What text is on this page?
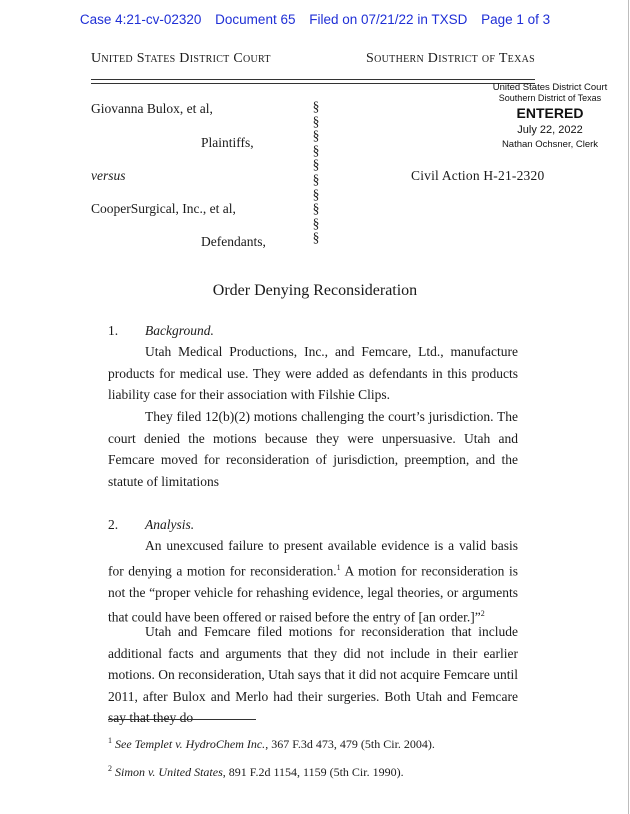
Case 4:21-cv-02320 Document 65 Filed on 07/21/22 in TXSD Page 1 of 3
United States District Court	Southern District of Texas
United States District Court
Southern District of Texas
ENTERED
July 22, 2022
Nathan Ochsner, Clerk
Giovanna Bulox, et al,
Plaintiffs,
versus
CooperSurgical, Inc., et al,
Defendants,
Civil Action H-21-2320
§
§
§
§
§
§
§
§
§
§
Order Denying Reconsideration
1. Background.

Utah Medical Productions, Inc., and Femcare, Ltd., manufacture products for medical use. They were added as defendants in this products liability case for their association with Filshie Clips.

They filed 12(b)(2) motions challenging the court’s jurisdiction. The court denied the motions because they were unpersuasive. Utah and Femcare moved for reconsideration of jurisdiction, preemption, and the statute of limitations

2. Analysis.

An unexcused failure to present available evidence is a valid basis for denying a motion for reconsideration.$^1$ A motion for reconsideration is not the “proper vehicle for rehashing evidence, legal theories, or arguments that could have been offered or raised before the entry of [an order.]”$^2$

Utah and Femcare filed motions for reconsideration that include additional facts and arguments that they did not include in their earlier motions. On reconsideration, Utah says that it did not acquire Femcare until 2011, after Bulox and Merlo had their surgeries. Both Utah and Femcare say that they do

$^1$ See Templet v. HydroChem Inc., 367 F.3d 473, 479 (5th Cir. 2004).
$^2$ Simon v. United States, 891 F.2d 1154, 1159 (5th Cir. 1990).
